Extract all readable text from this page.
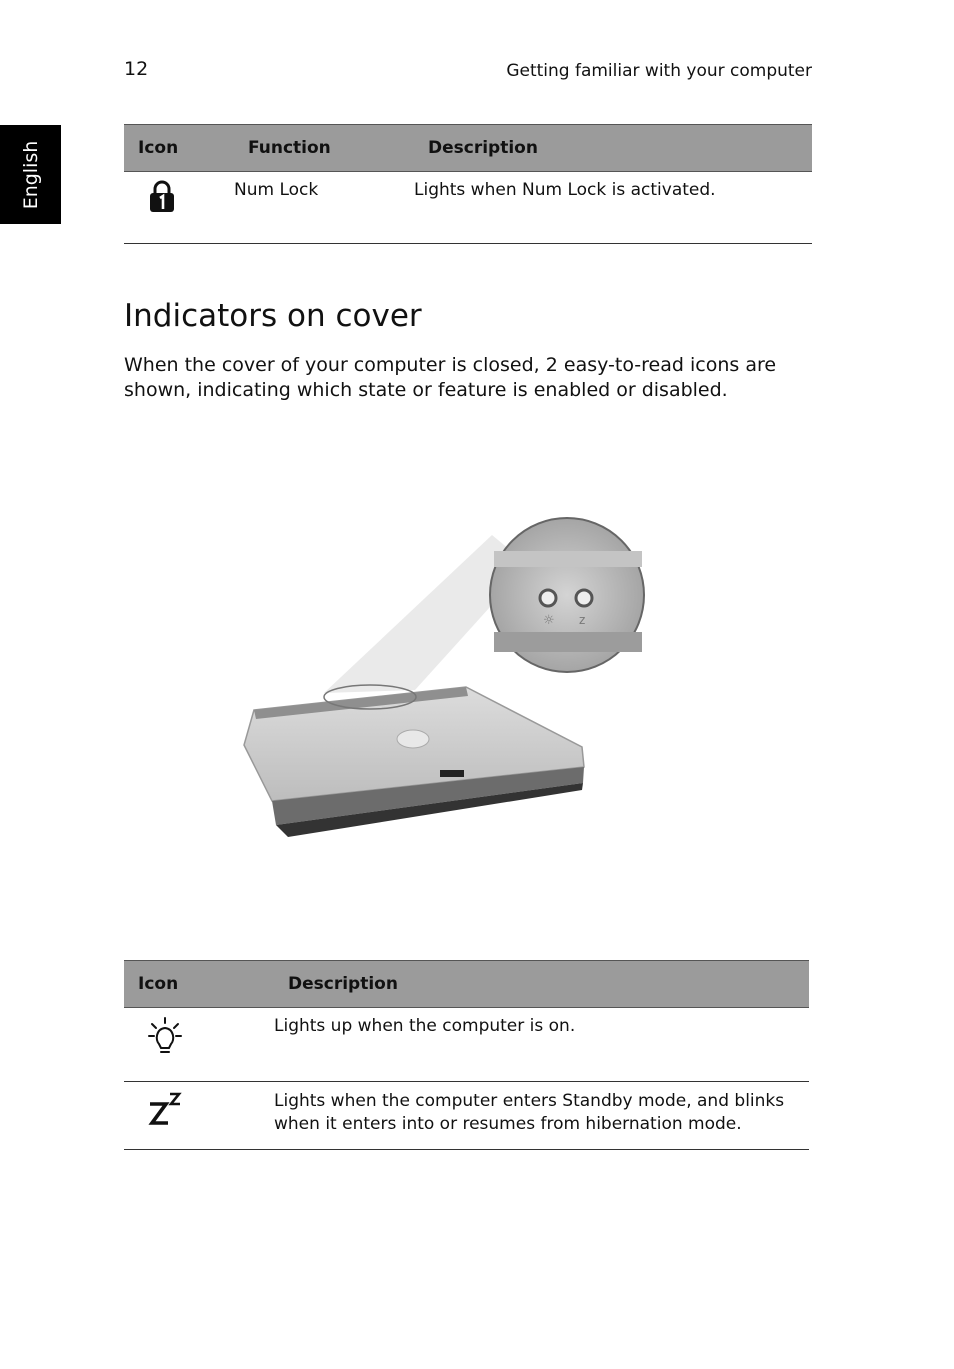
12	Getting familiar with your computer
English	Icon	Function	Description
	Num Lock	Lights when Num Lock is activated.
Indicators on cover

When the cover of your computer is closed, 2 easy-to-read icons are shown, indicating which state or feature is enabled or disabled.

☼ z
Icon	Description
	Lights up when the computer is on.
	Lights when the computer enters Standby mode, and blinks when it enters into or resumes from hibernation mode.
